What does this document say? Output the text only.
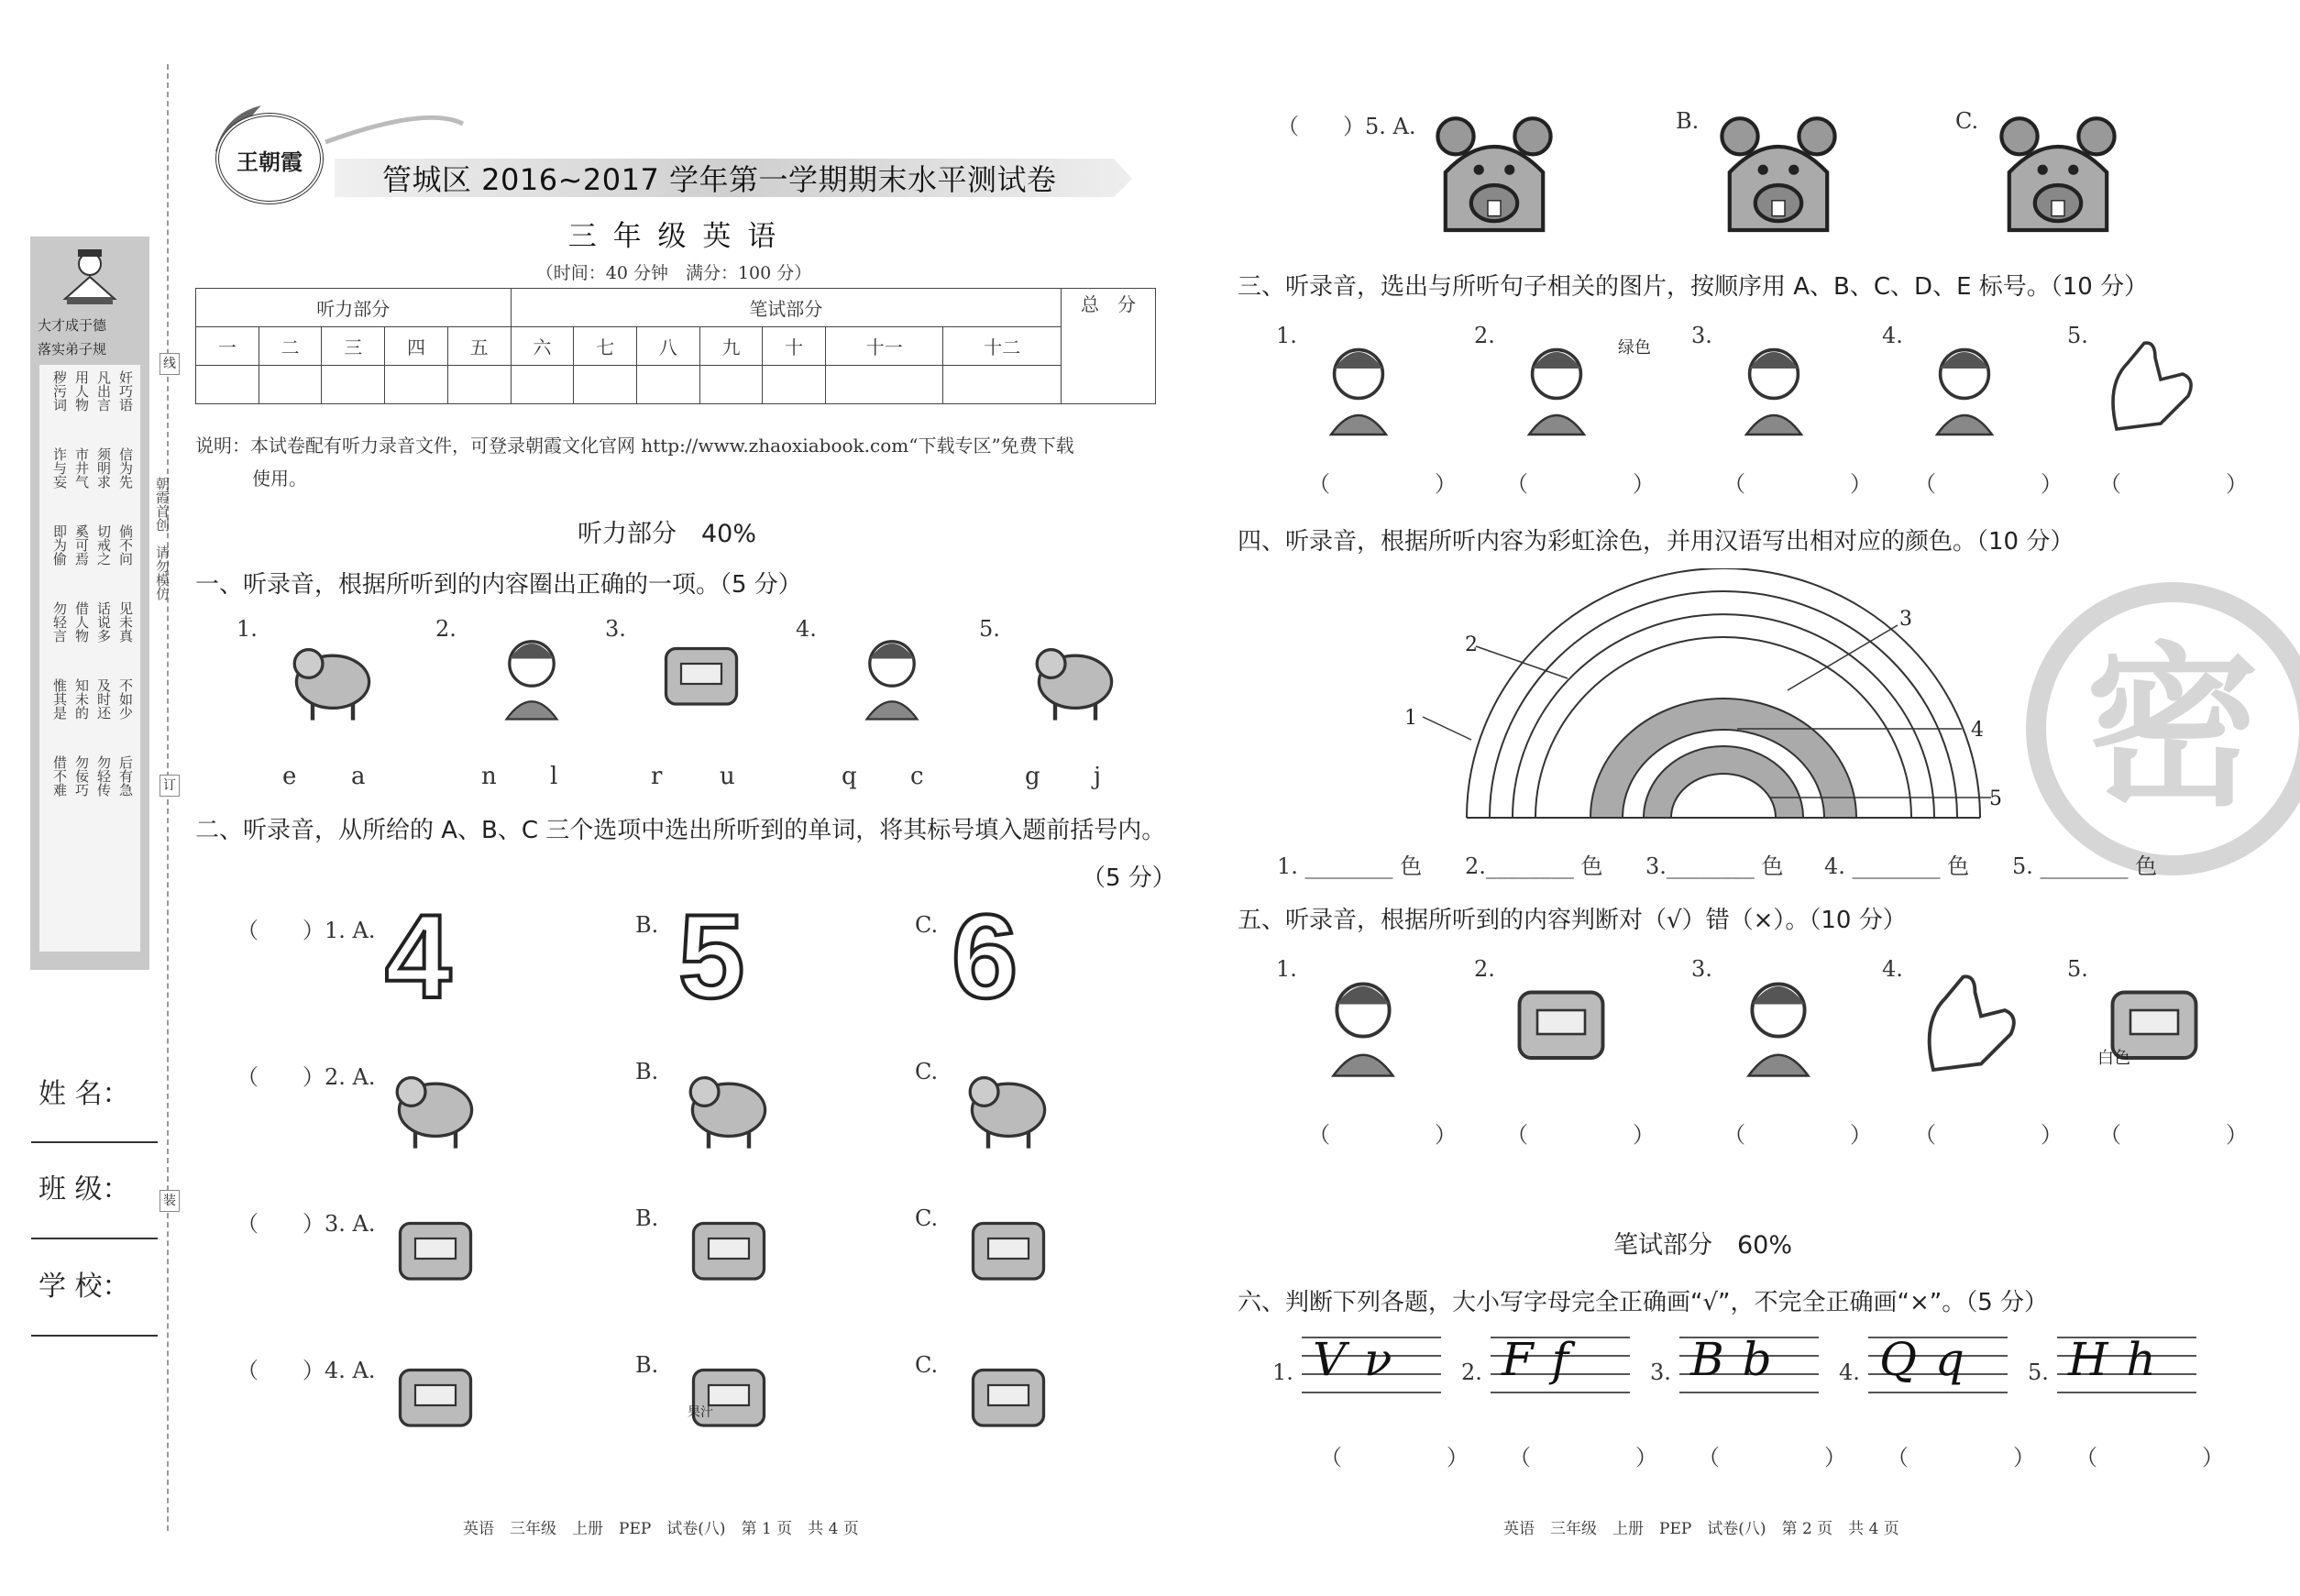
大才成于德
落实弟子规
奸巧语
凡出言
用人物
秽污词
信为先
须明求
市井气
诈与妄
倘不问
切戒之
奚可焉
即为偷
见未真
话说多
借人物
勿轻言
不如少
及时还
知未的
惟其是
后有急
勿轻传
勿佞巧
借不难
朝霞首创　请勿模仿
线
订
装
姓 名：
班 级：
学 校：
王朝霞
管城区 2016~2017 学年第一学期期末水平测试卷
三 年 级 英 语
（时间：40 分钟　满分：100 分）
听力部分					笔试部分							总　分
一	二	三	四	五	六	七	八	九	十	十一	十二	

说明：本试卷配有听力录音文件，可登录朝霞文化官网 http://www.zhaoxiabook.com“下载专区”免费下载
使用。
听力部分　40%
一、听录音，根据所听到的内容圈出正确的一项。（5 分）
二、听录音，从所给的 A、B、C 三个选项中选出所听到的单词，将其标号填入题前括号内。
（5 分）
英语　三年级　上册　PEP　试卷(八)　第 1 页　共 4 页
三、听录音，选出与所听句子相关的图片，按顺序用 A、B、C、D、E 标号。（10 分）
四、听录音，根据所听内容为彩虹涂色，并用汉语写出相对应的颜色。（10 分）
1
2
3
4
5
五、听录音，根据所听到的内容判断对（√）错（×）。（10 分）
笔试部分　60%
六、判断下列各题，大小写字母完全正确画“√”，不完全正确画“×”。（5 分）
英语　三年级　上册　PEP　试卷(八)　第 2 页　共 4 页
密
1.
e a
2.
n l
3.
r u
4.
q c
5.
g j
（　　）1. A.	B.	C.
4 5 6
（　　）2. A.	B.	C.
（　　）3. A.	B.	C.
（　　）4. A.	B.	C.
果汁
（　　）5. A.	B.	C.
1.
（　　）
2.
（　　）
3.
（　　）
4.
（　　）
5.
（　　）
绿色
1. ________ 色 2.________ 色 3.________ 色 4. ________ 色 5. ________ 色
1.
（　　）
2.
（　　）
3.
（　　）
4.
（　　）
5.
（　　）
白色
1. V ν
（　　）
2. F f
（　　）
3. B b
（　　）
4. Q q
（　　）
5. H h
（　　）
